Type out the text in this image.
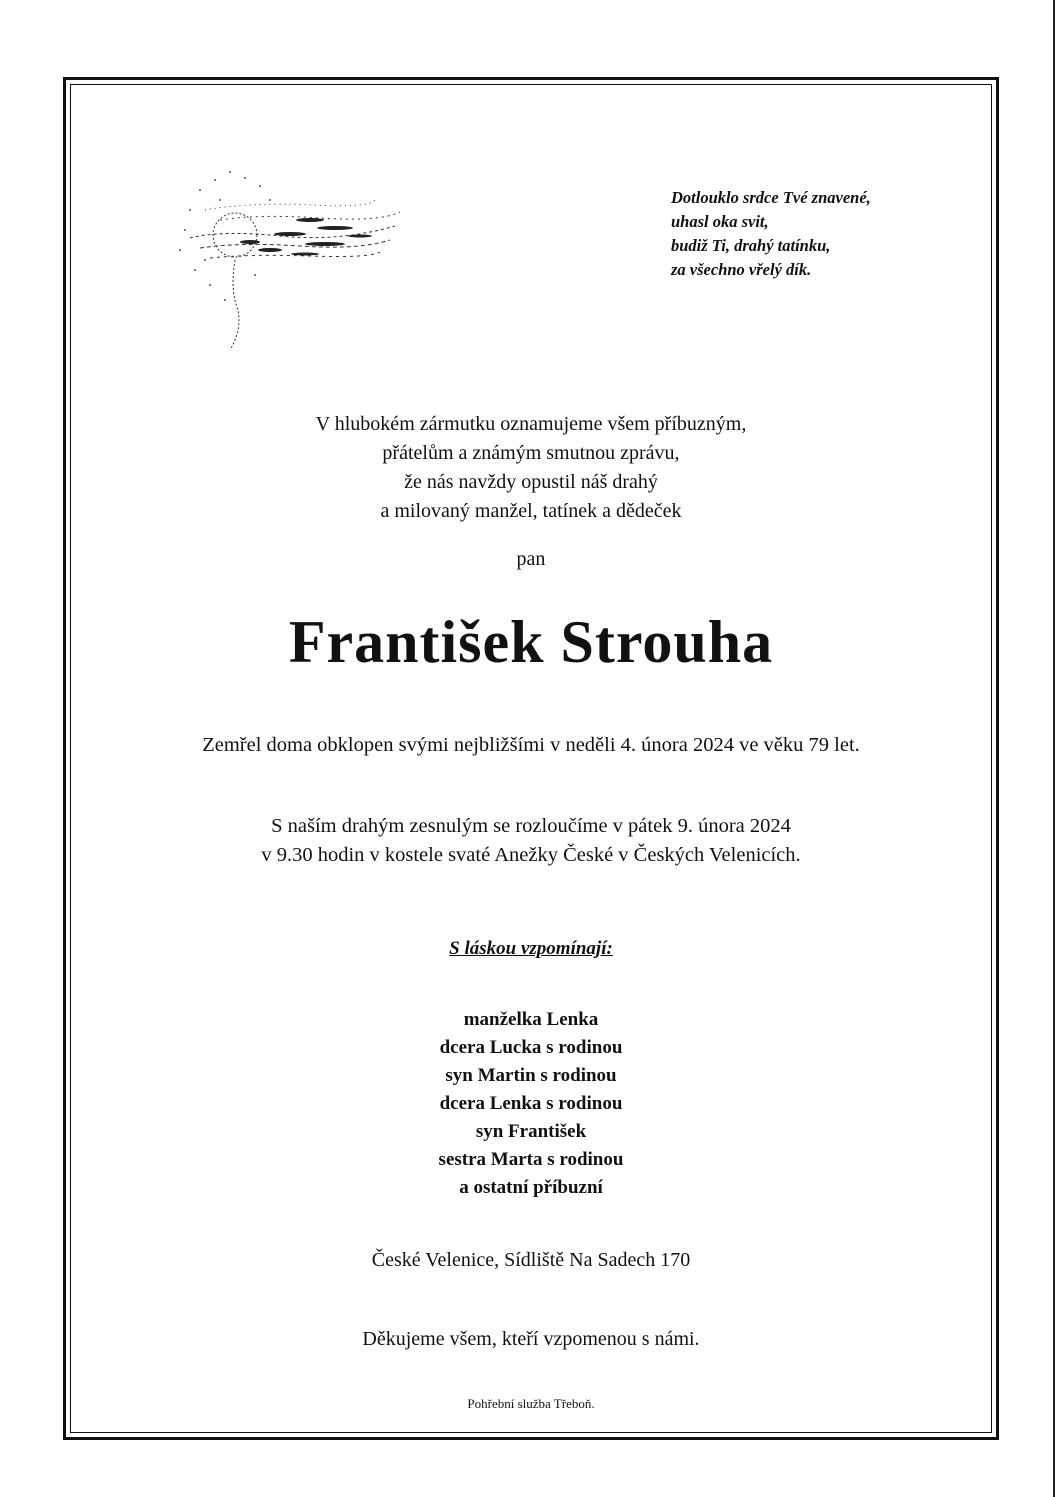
Dotlouklo srdce Tvé znavené,
uhasl oka svit,
budiž Ti, drahý tatínku,
za všechno vřelý dík.
V hlubokém zármutku oznamujeme všem příbuzným,
přátelům a známým smutnou zprávu,
že nás navždy opustil náš drahý
a milovaný manžel, tatínek a dědeček
pan
František Strouha
Zemřel doma obklopen svými nejbližšími v neděli 4. února 2024 ve věku 79 let.
S naším drahým zesnulým se rozloučíme v pátek 9. února 2024
v 9.30 hodin v kostele svaté Anežky České v Českých Velenicích.
S láskou vzpomínají:
manželka Lenka
dcera Lucka s rodinou
syn Martin s rodinou
dcera Lenka s rodinou
syn František
sestra Marta s rodinou
a ostatní příbuzní
České Velenice, Sídliště Na Sadech 170
Děkujeme všem, kteří vzpomenou s námi.
Pohřební služba Třeboň.
